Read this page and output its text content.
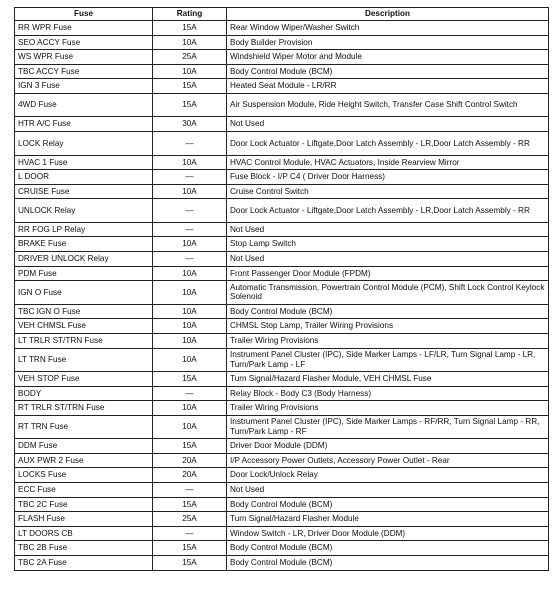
Fuse	Rating	Description
RR WPR Fuse	15A	Rear Window Wiper/Washer Switch
SEO ACCY Fuse	10A	Body Builder Provision
WS WPR Fuse	25A	Windshield Wiper Motor and Module
TBC ACCY Fuse	10A	Body Control Module (BCM)
IGN 3 Fuse	15A	Heated Seat Module - LR/RR
4WD Fuse	15A	Air Suspension Module, Ride Height Switch, Transfer Case Shift Control Switch
HTR A/C Fuse	30A	Not Used
LOCK Relay	—	Door Lock Actuator - Liftgate,Door Latch Assembly - LR,Door Latch Assembly - RR
HVAC 1 Fuse	10A	HVAC Control Module, HVAC Actuators, Inside Rearview Mirror
L DOOR	—	Fuse Block - I/P C4 ( Driver Door Harness)
CRUISE Fuse	10A	Cruise Control Switch
UNLOCK Relay	—	Door Lock Actuator - Liftgate,Door Latch Assembly - LR,Door Latch Assembly - RR
RR FOG LP Relay	—	Not Used
BRAKE Fuse	10A	Stop Lamp Switch
DRIVER UNLOCK Relay	—	Not Used
PDM Fuse	10A	Front Passenger Door Module (FPDM)
IGN O Fuse	10A	Automatic Transmission, Powertrain Control Module (PCM), Shift Lock Control Keylock Solenoid
TBC IGN O Fuse	10A	Body Control Module (BCM)
VEH CHMSL Fuse	10A	CHMSL Stop Lamp, Trailer Wiring Provisions
LT TRLR ST/TRN Fuse	10A	Trailer Wiring Provisions
LT TRN Fuse	10A	Instrument Panel Cluster (IPC), Side Marker Lamps - LF/LR, Turn Signal Lamp - LR, Turn/Park Lamp - LF
VEH STOP Fuse	15A	Turn Signal/Hazard Flasher Module, VEH CHMSL Fuse
BODY	—	Relay Block - Body C3 (Body Harness)
RT TRLR ST/TRN Fuse	10A	Trailer Wiring Provisions
RT TRN Fuse	10A	Instrument Panel Cluster (IPC), Side Marker Lamps - RF/RR, Turn Signal Lamp - RR, Turn/Park Lamp - RF
DDM Fuse	15A	Driver Door Module (DDM)
AUX PWR 2 Fuse	20A	I/P Accessory Power Outlets, Accessory Power Outlet - Rear
LOCKS Fuse	20A	Door Lock/Unlock Relay
ECC Fuse	—	Not Used
TBC 2C Fuse	15A	Body Control Module (BCM)
FLASH Fuse	25A	Turn Signal/Hazard Flasher Module
LT DOORS CB	—	Window Switch - LR, Driver Door Module (DDM)
TBC 2B Fuse	15A	Body Control Module (BCM)
TBC 2A Fuse	15A	Body Control Module (BCM)
